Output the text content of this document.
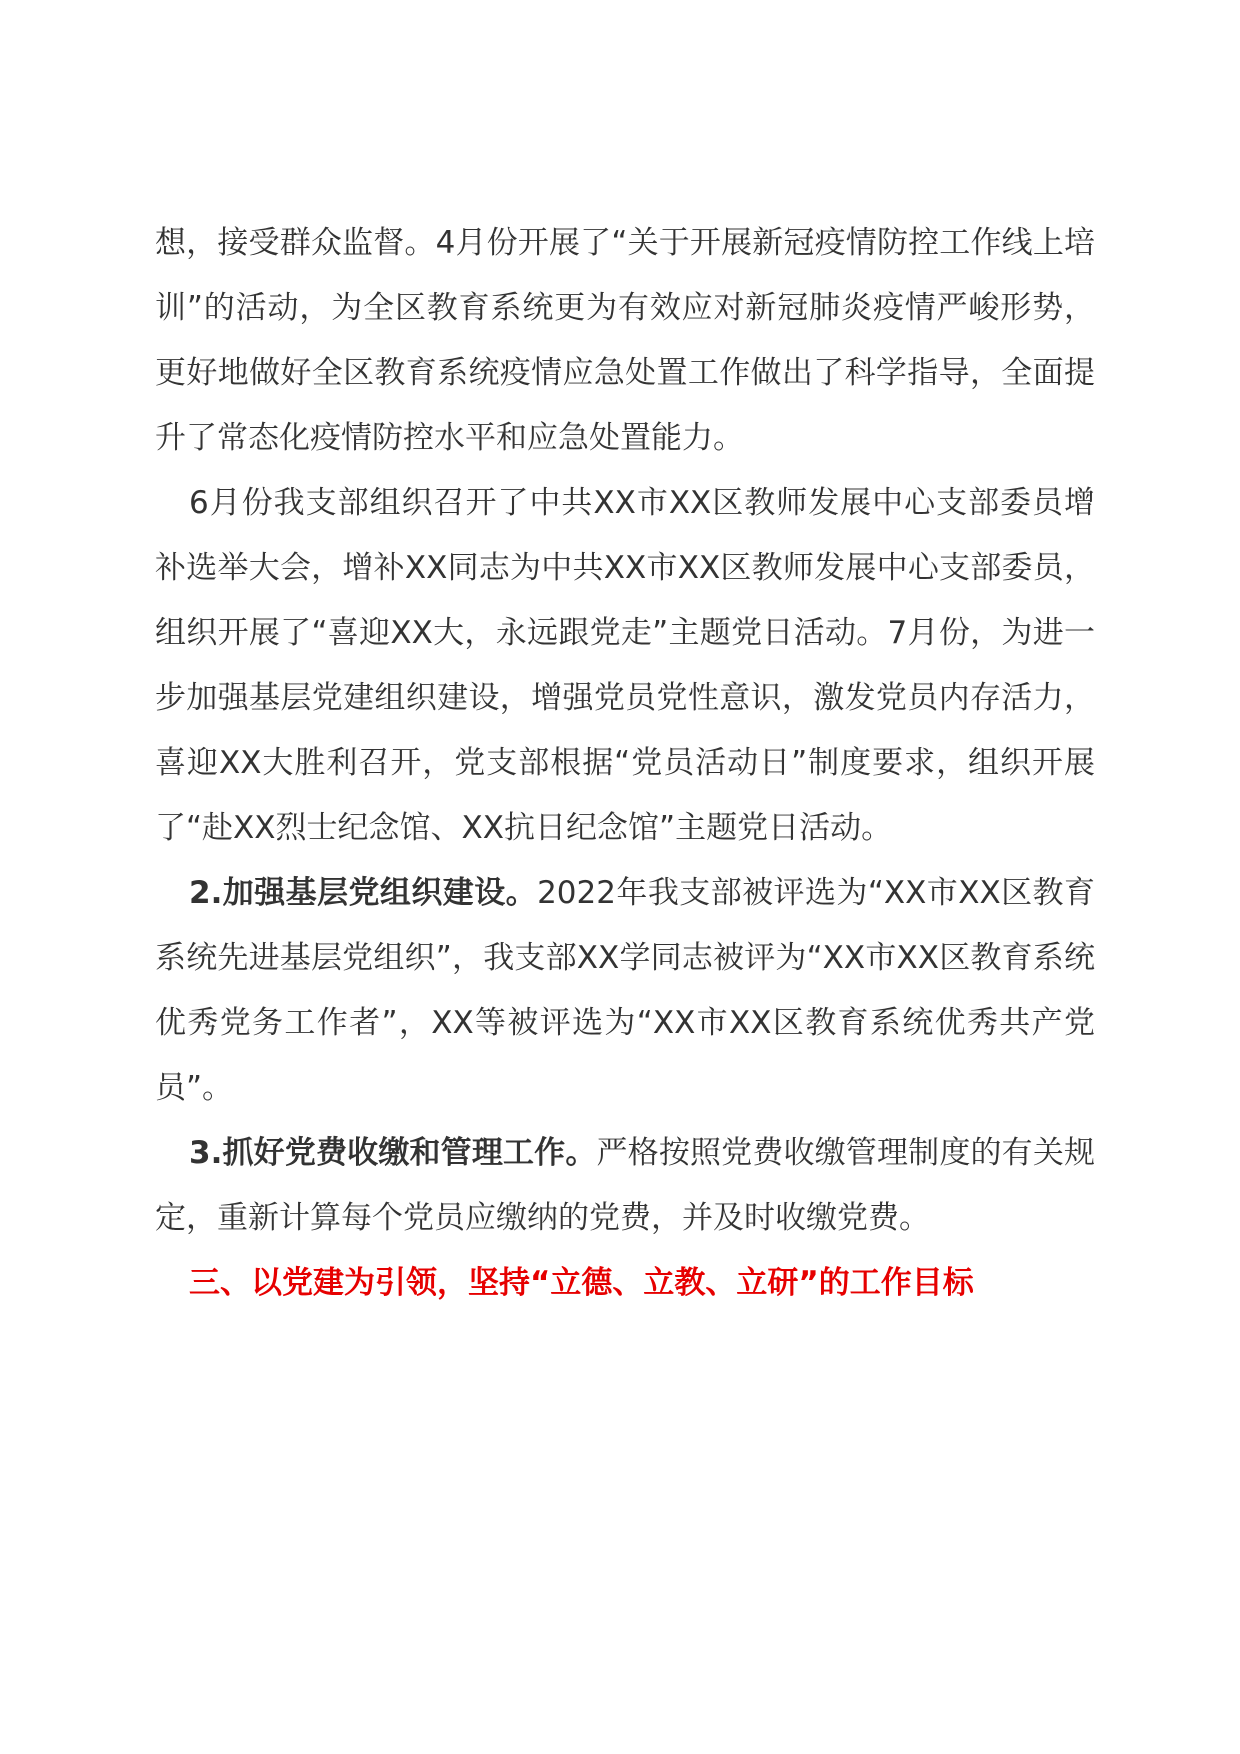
想，接受群众监督。4月份开展了“关于开展新冠疫情防控工作线上培训”的活动，为全区教育系统更为有效应对新冠肺炎疫情严峻形势，更好地做好全区教育系统疫情应急处置工作做出了科学指导，全面提升了常态化疫情防控水平和应急处置能力。

6月份我支部组织召开了中共XX市XX区教师发展中心支部委员增补选举大会，增补XX同志为中共XX市XX区教师发展中心支部委员，组织开展了“喜迎XX大，永远跟党走”主题党日活动。7月份，为进一步加强基层党建组织建设，增强党员党性意识，激发党员内存活力，喜迎XX大胜利召开，党支部根据“党员活动日”制度要求，组织开展了“赴XX烈士纪念馆、XX抗日纪念馆”主题党日活动。

2.加强基层党组织建设。2022年我支部被评选为“XX市XX区教育系统先进基层党组织”，我支部XX学同志被评为“XX市XX区教育系统优秀党务工作者”，XX等被评选为“XX市XX区教育系统优秀共产党员”。

3.抓好党费收缴和管理工作。严格按照党费收缴管理制度的有关规定，重新计算每个党员应缴纳的党费，并及时收缴党费。

三、以党建为引领，坚持“立德、立教、立研”的工作目标
